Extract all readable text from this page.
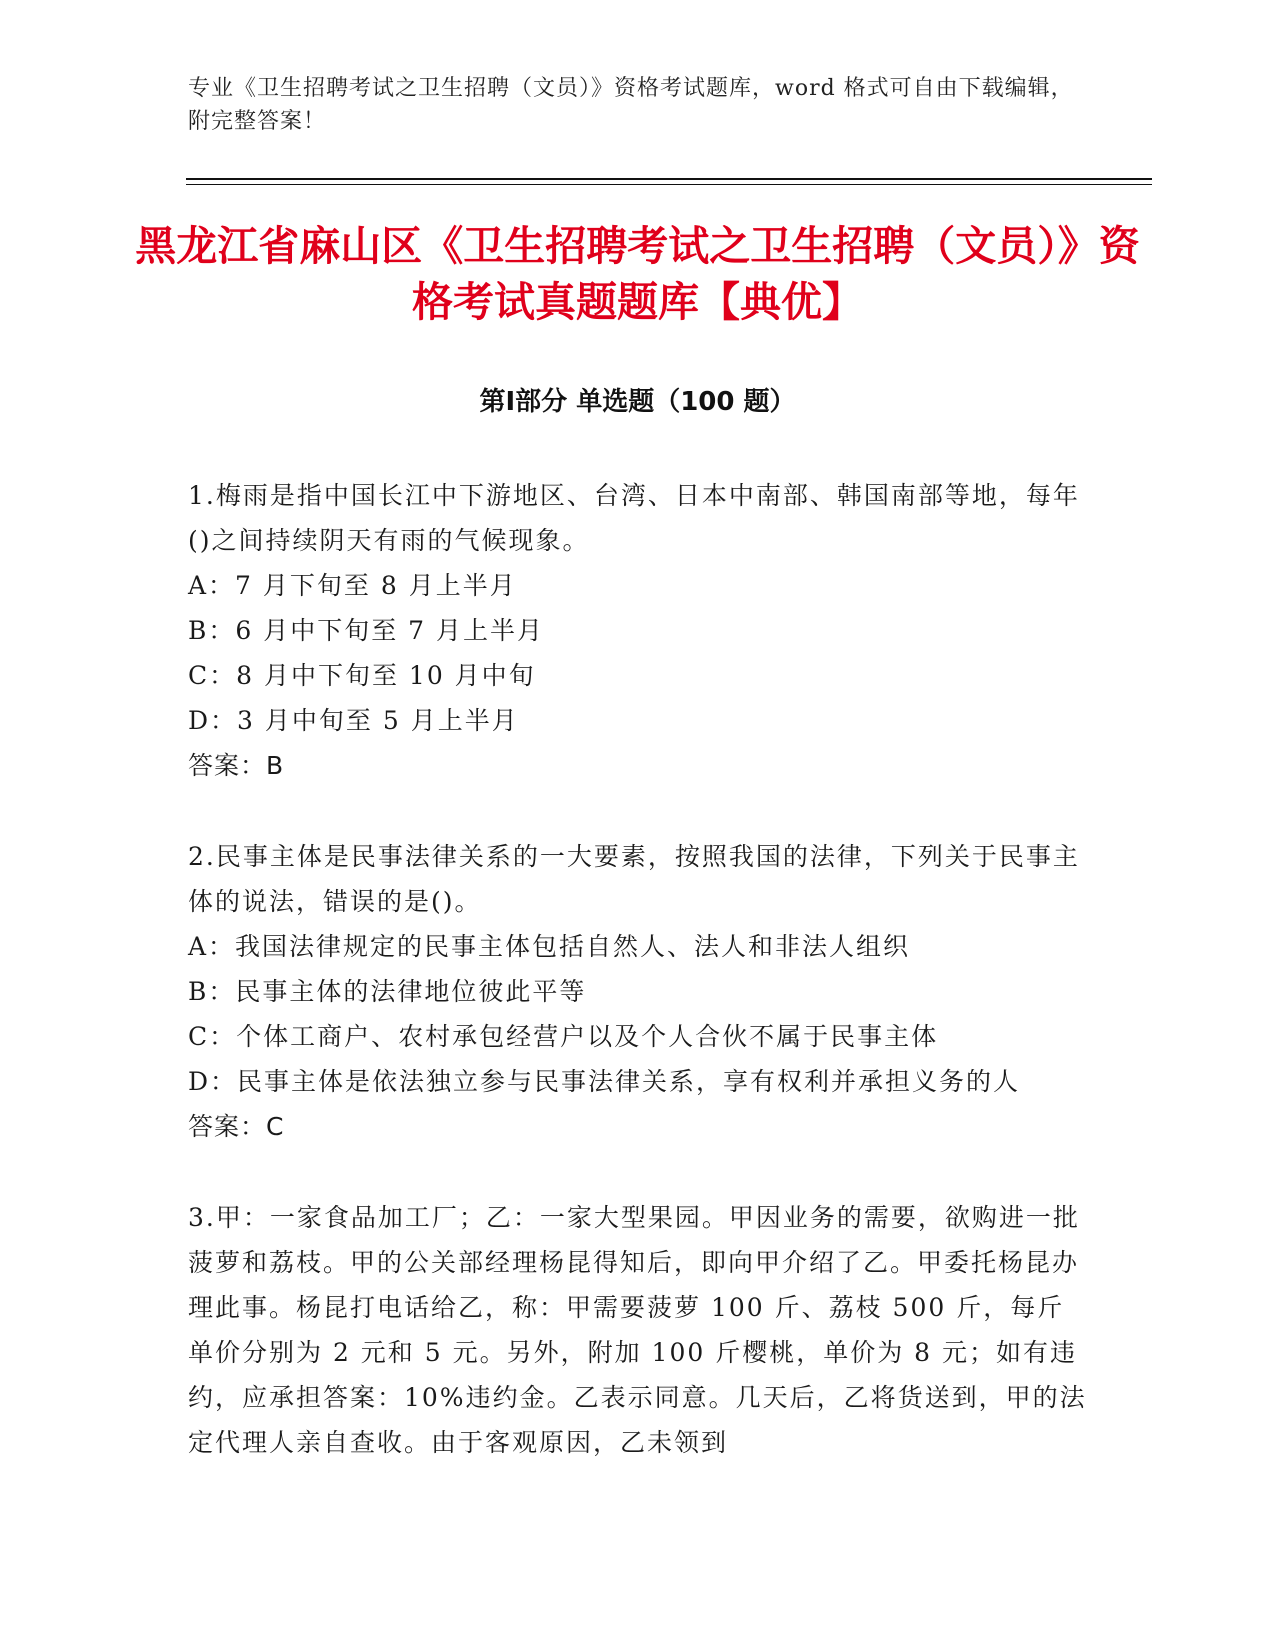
专业《卫生招聘考试之卫生招聘（文员）》资格考试题库，word 格式可自由下载编辑，附完整答案！

黑龙江省麻山区《卫生招聘考试之卫生招聘（文员）》资格考试真题题库【典优】
第Ⅰ部分 单选题（100 题）

1.梅雨是指中国长江中下游地区、台湾、日本中南部、韩国南部等地，每年()之间持续阴天有雨的气候现象。

A：7 月下旬至 8 月上半月

B：6 月中下旬至 7 月上半月

C：8 月中下旬至 10 月中旬

D：3 月中旬至 5 月上半月

答案：B

2.民事主体是民事法律关系的一大要素，按照我国的法律，下列关于民事主体的说法，错误的是()。

A：我国法律规定的民事主体包括自然人、法人和非法人组织

B：民事主体的法律地位彼此平等

C：个体工商户、农村承包经营户以及个人合伙不属于民事主体

D：民事主体是依法独立参与民事法律关系，享有权利并承担义务的人

答案：C

3.甲：一家食品加工厂；乙：一家大型果园。甲因业务的需要，欲购进一批菠萝和荔枝。甲的公关部经理杨昆得知后，即向甲介绍了乙。甲委托杨昆办理此事。杨昆打电话给乙，称：甲需要菠萝 100 斤、荔枝 500 斤，每斤单价分别为 2 元和 5 元。另外，附加 100 斤樱桃，单价为 8 元；如有违约，应承担答案：10%违约金。乙表示同意。几天后，乙将货送到，甲的法定代理人亲自查收。由于客观原因，乙未领到
